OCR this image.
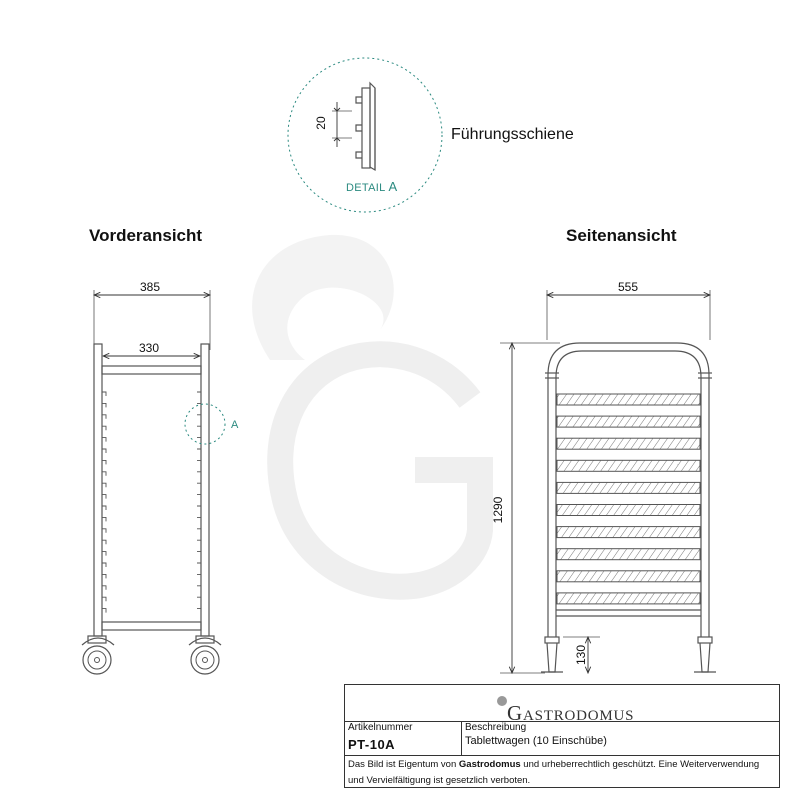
Führungsschiene
DETAIL A
20
Vorderansicht
385
330
A
Seitenansicht
555
1290
130
GASTRODOMUS
Artikelnummer
PT-10A
Beschreibung
Tablettwagen (10 Einschübe)
Das Bild ist Eigentum von Gastrodomus und urheberrechtlich geschützt. Eine Weiterverwendung und Vervielfältigung ist gesetzlich verboten.
